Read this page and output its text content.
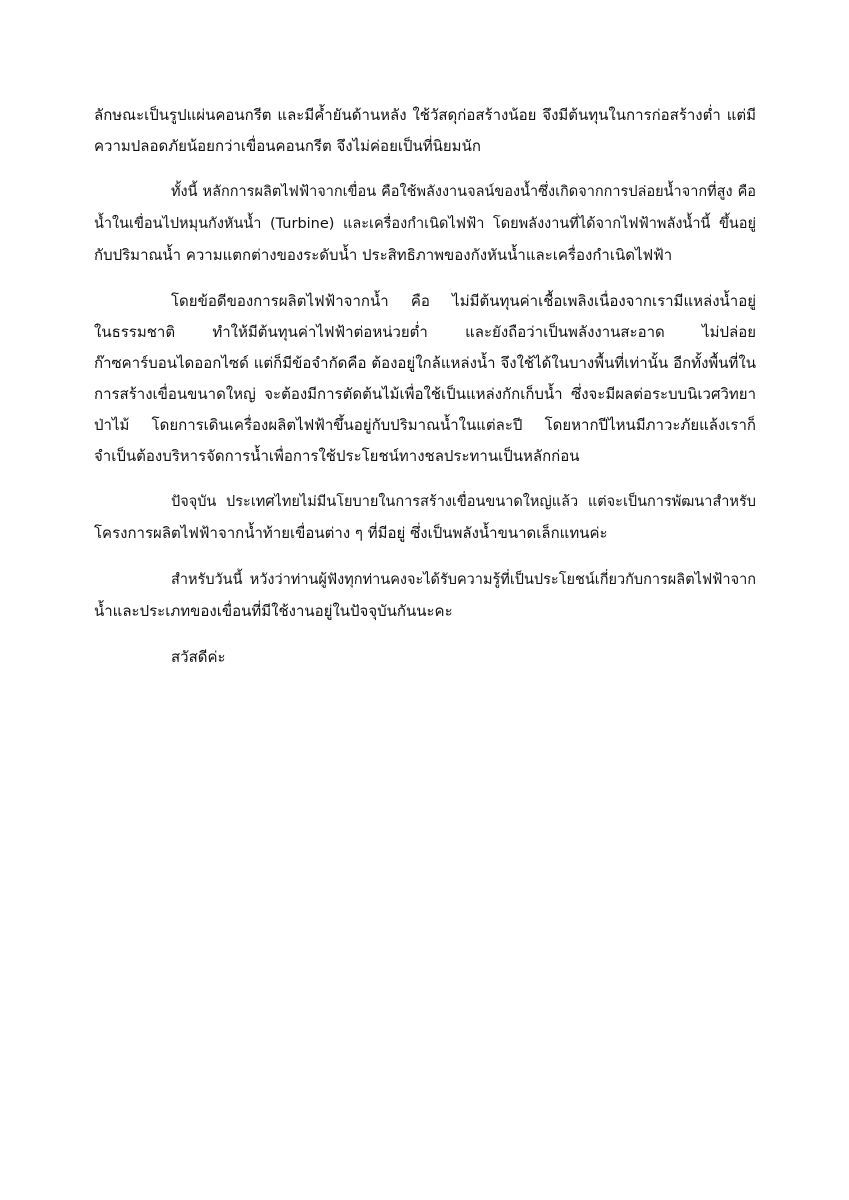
ลักษณะเป็นรูปแผ่นคอนกรีต และมีค้ำยันด้านหลัง ใช้วัสดุก่อสร้างน้อย จึงมีต้นทุนในการก่อสร้างต่ำ แต่มี
ความปลอดภัยน้อยกว่าเขื่อนคอนกรีต จึงไม่ค่อยเป็นที่นิยมนัก
ทั้งนี้ หลักการผลิตไฟฟ้าจากเขื่อน คือใช้พลังงานจลน์ของน้ำซึ่งเกิดจากการปล่อยน้ำจากที่สูง คือ
น้ำในเขื่อนไปหมุนกังหันน้ำ (Turbine) และเครื่องกำเนิดไฟฟ้า โดยพลังงานที่ได้จากไฟฟ้าพลังน้ำนี้ ขึ้นอยู่
กับปริมาณน้ำ ความแตกต่างของระดับน้ำ ประสิทธิภาพของกังหันน้ำและเครื่องกำเนิดไฟฟ้า
โดยข้อดีของการผลิตไฟฟ้าจากน้ำ คือ ไม่มีต้นทุนค่าเชื้อเพลิงเนื่องจากเรามีแหล่งน้ำอยู่
ในธรรมชาติ ทำให้มีต้นทุนค่าไฟฟ้าต่อหน่วยต่ำ และยังถือว่าเป็นพลังงานสะอาด ไม่ปล่อย
ก๊าซคาร์บอนไดออกไซด์ แต่ก็มีข้อจำกัดคือ ต้องอยู่ใกล้แหล่งน้ำ จึงใช้ได้ในบางพื้นที่เท่านั้น อีกทั้งพื้นที่ใน
การสร้างเขื่อนขนาดใหญ่ จะต้องมีการตัดต้นไม้เพื่อใช้เป็นแหล่งกักเก็บน้ำ ซึ่งจะมีผลต่อระบบนิเวศวิทยา
ป่าไม้ โดยการเดินเครื่องผลิตไฟฟ้าขึ้นอยู่กับปริมาณน้ำในแต่ละปี โดยหากปีไหนมีภาวะภัยแล้งเราก็
จำเป็นต้องบริหารจัดการน้ำเพื่อการใช้ประโยชน์ทางชลประทานเป็นหลักก่อน
ปัจจุบัน ประเทศไทยไม่มีนโยบายในการสร้างเขื่อนขนาดใหญ่แล้ว แต่จะเป็นการพัฒนาสำหรับ
โครงการผลิตไฟฟ้าจากน้ำท้ายเขื่อนต่าง ๆ ที่มีอยู่ ซึ่งเป็นพลังน้ำขนาดเล็กแทนค่ะ
สำหรับวันนี้ หวังว่าท่านผู้ฟังทุกท่านคงจะได้รับความรู้ที่เป็นประโยชน์เกี่ยวกับการผลิตไฟฟ้าจาก
น้ำและประเภทของเขื่อนที่มีใช้งานอยู่ในปัจจุบันกันนะคะ
สวัสดีค่ะ
